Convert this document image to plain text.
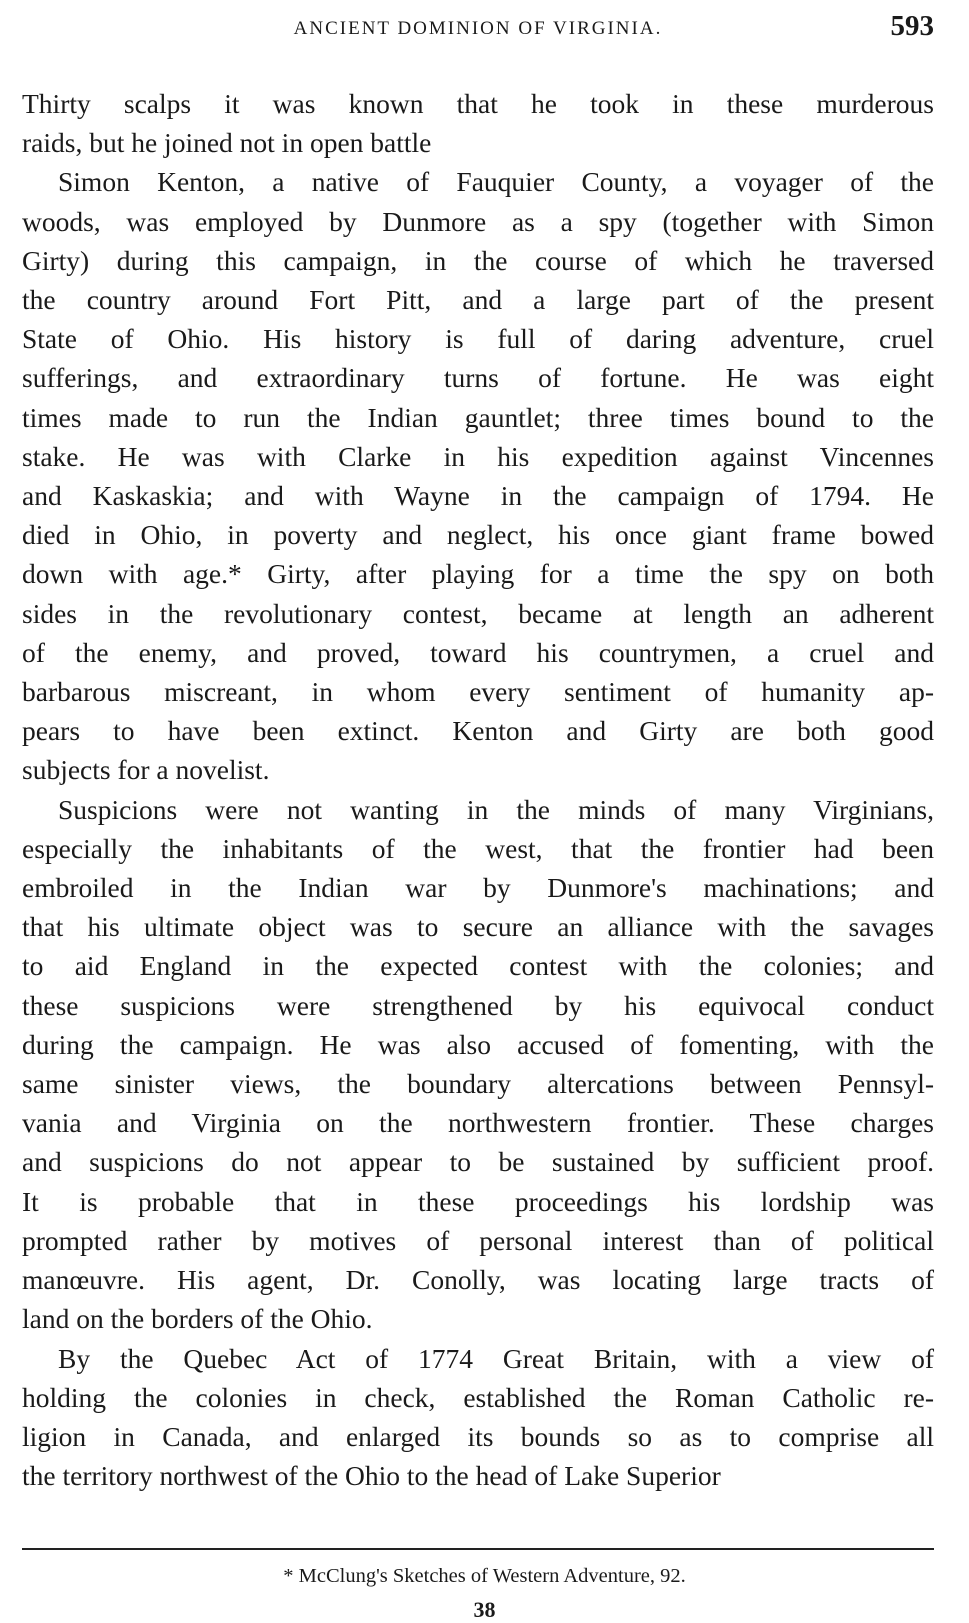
ANCIENT DOMINION OF VIRGINIA.	593
Thirty scalps it was known that he took in these murderous
raids, but he joined not in open battle
Simon Kenton, a native of Fauquier County, a voyager of the
woods, was employed by Dunmore as a spy (together with Simon
Girty) during this campaign, in the course of which he traversed
the country around Fort Pitt, and a large part of the present
State of Ohio. His history is full of daring adventure, cruel
sufferings, and extraordinary turns of fortune. He was eight
times made to run the Indian gauntlet; three times bound to the
stake. He was with Clarke in his expedition against Vincennes
and Kaskaskia; and with Wayne in the campaign of 1794. He
died in Ohio, in poverty and neglect, his once giant frame bowed
down with age.* Girty, after playing for a time the spy on both
sides in the revolutionary contest, became at length an adherent
of the enemy, and proved, toward his countrymen, a cruel and
barbarous miscreant, in whom every sentiment of humanity ap-
pears to have been extinct. Kenton and Girty are both good
subjects for a novelist.
Suspicions were not wanting in the minds of many Virginians,
especially the inhabitants of the west, that the frontier had been
embroiled in the Indian war by Dunmore's machinations; and
that his ultimate object was to secure an alliance with the savages
to aid England in the expected contest with the colonies; and
these suspicions were strengthened by his equivocal conduct
during the campaign. He was also accused of fomenting, with the
same sinister views, the boundary altercations between Pennsyl-
vania and Virginia on the northwestern frontier. These charges
and suspicions do not appear to be sustained by sufficient proof.
It is probable that in these proceedings his lordship was
prompted rather by motives of personal interest than of political
manœuvre. His agent, Dr. Conolly, was locating large tracts of
land on the borders of the Ohio.
By the Quebec Act of 1774 Great Britain, with a view of
holding the colonies in check, established the Roman Catholic re-
ligion in Canada, and enlarged its bounds so as to comprise all
the territory northwest of the Ohio to the head of Lake Superior
* McClung's Sketches of Western Adventure, 92.
38
